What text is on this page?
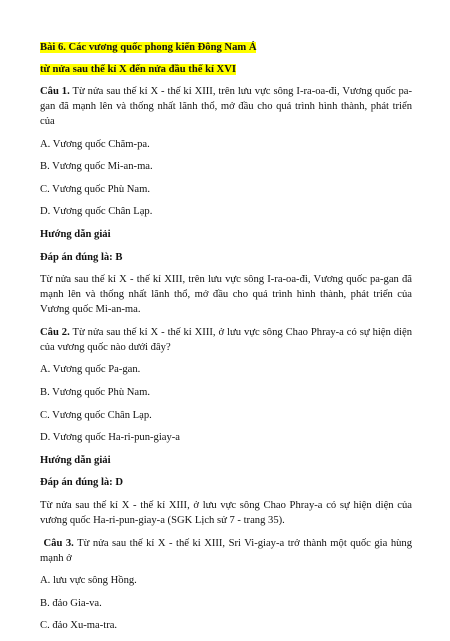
Bài 6. Các vương quốc phong kiến Đông Nam Á
từ nửa sau thế kỉ X đến nửa đầu thế kỉ XVI
Câu 1. Từ nửa sau thế kỉ X - thế kỉ XIII, trên lưu vực sông I-ra-oa-đi, Vương quốc pa-gan đã mạnh lên và thống nhất lãnh thổ, mở đầu cho quá trình hình thành, phát triển của
A. Vương quốc Chăm-pa.
B. Vương quốc Mi-an-ma.
C. Vương quốc Phù Nam.
D. Vương quốc Chân Lạp.
Hướng dẫn giải
Đáp án đúng là: B
Từ nửa sau thế kỉ X - thế kỉ XIII, trên lưu vực sông I-ra-oa-đi, Vương quốc pa-gan đã mạnh lên và thống nhất lãnh thổ, mở đầu cho quá trình hình thành, phát triển của Vương quốc Mi-an-ma.
Câu 2. Từ nửa sau thế kỉ X - thế kỉ XIII, ở lưu vực sông Chao Phray-a có sự hiện diện của vương quốc nào dưới đây?
A. Vương quốc Pa-gan.
B. Vương quốc Phù Nam.
C. Vương quốc Chân Lạp.
D. Vương quốc Ha-ri-pun-giay-a
Hướng dẫn giải
Đáp án đúng là: D
Từ nửa sau thế kỉ X - thế kỉ XIII, ở lưu vực sông Chao Phray-a có sự hiện diện của vương quốc Ha-ri-pun-giay-a (SGK Lịch sử 7 - trang 35).
Câu 3. Từ nửa sau thế kỉ X - thế kỉ XIII, Sri Vi-giay-a trở thành một quốc gia hùng mạnh ở
A. lưu vực sông Hồng.
B. đảo Gia-va.
C. đảo Xu-ma-tra.
